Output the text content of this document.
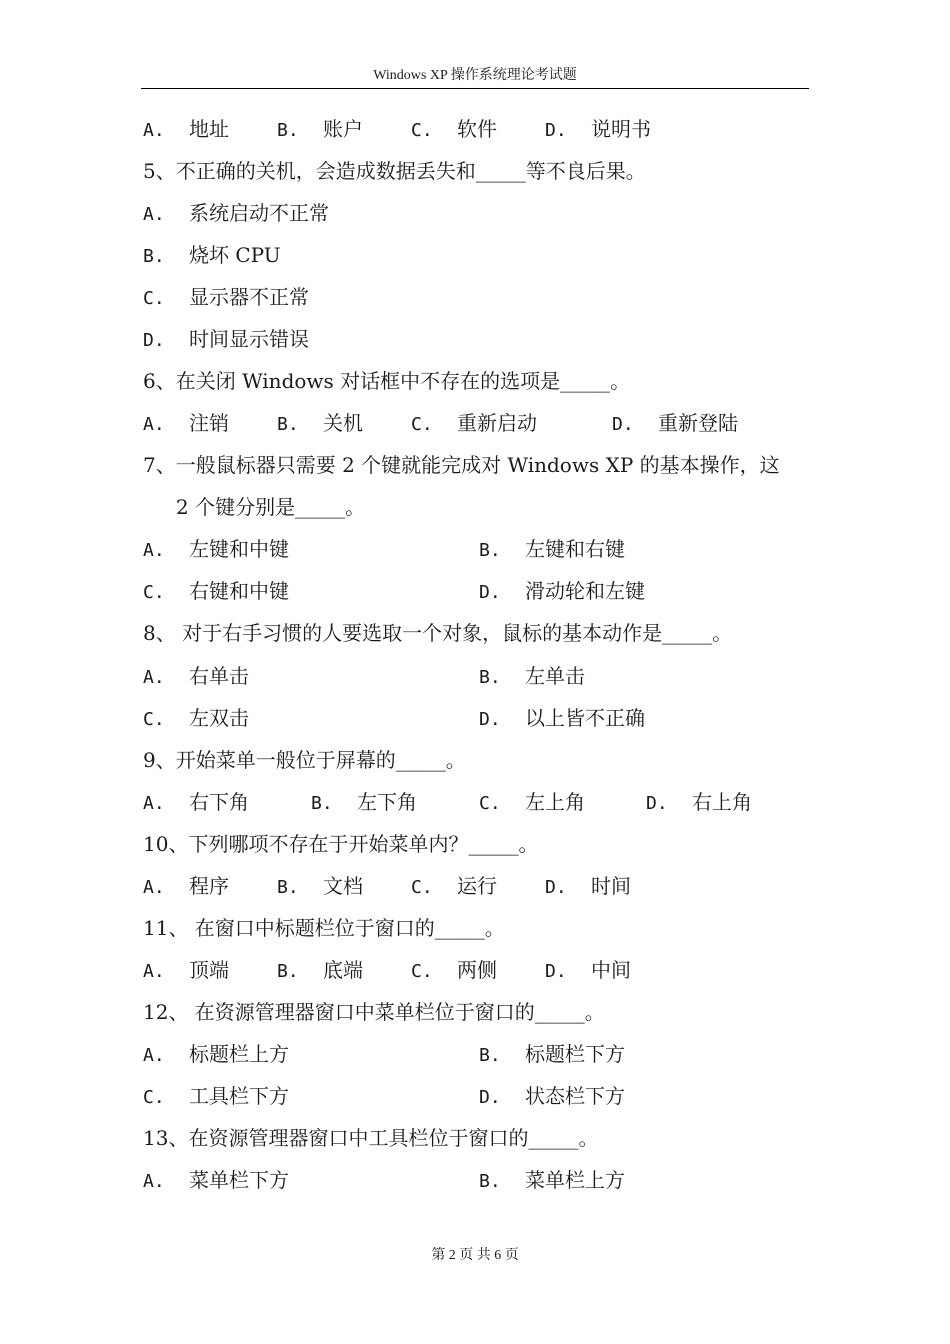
Windows XP 操作系统理论考试题
A. 地址	B. 账户	C. 软件	D. 说明书
5、不正确的关机，会造成数据丢失和_____等不良后果。
A. 系统启动不正常
B. 烧坏 CPU
C. 显示器不正常
D. 时间显示错误
6、在关闭 Windows 对话框中不存在的选项是_____。
A. 注销	B. 关机	C. 重新启动	D. 重新登陆
7、一般鼠标器只需要 2 个键就能完成对 Windows XP 的基本操作，这
2 个键分别是_____。
A. 左键和中键	B. 左键和右键
C. 右键和中键	D. 滑动轮和左键
8、 对于右手习惯的人要选取一个对象，鼠标的基本动作是_____。
A. 右单击	B. 左单击
C. 左双击	D. 以上皆不正确
9、开始菜单一般位于屏幕的_____。
A. 右下角	B. 左下角	C. 左上角	D. 右上角
10、下列哪项不存在于开始菜单内？_____。
A. 程序	B. 文档	C. 运行	D. 时间
11、 在窗口中标题栏位于窗口的_____。
A. 顶端	B. 底端	C. 两侧	D. 中间
12、 在资源管理器窗口中菜单栏位于窗口的_____。
A. 标题栏上方	B. 标题栏下方
C. 工具栏下方	D. 状态栏下方
13、在资源管理器窗口中工具栏位于窗口的_____。
A. 菜单栏下方	B. 菜单栏上方
第 2 页 共 6 页
